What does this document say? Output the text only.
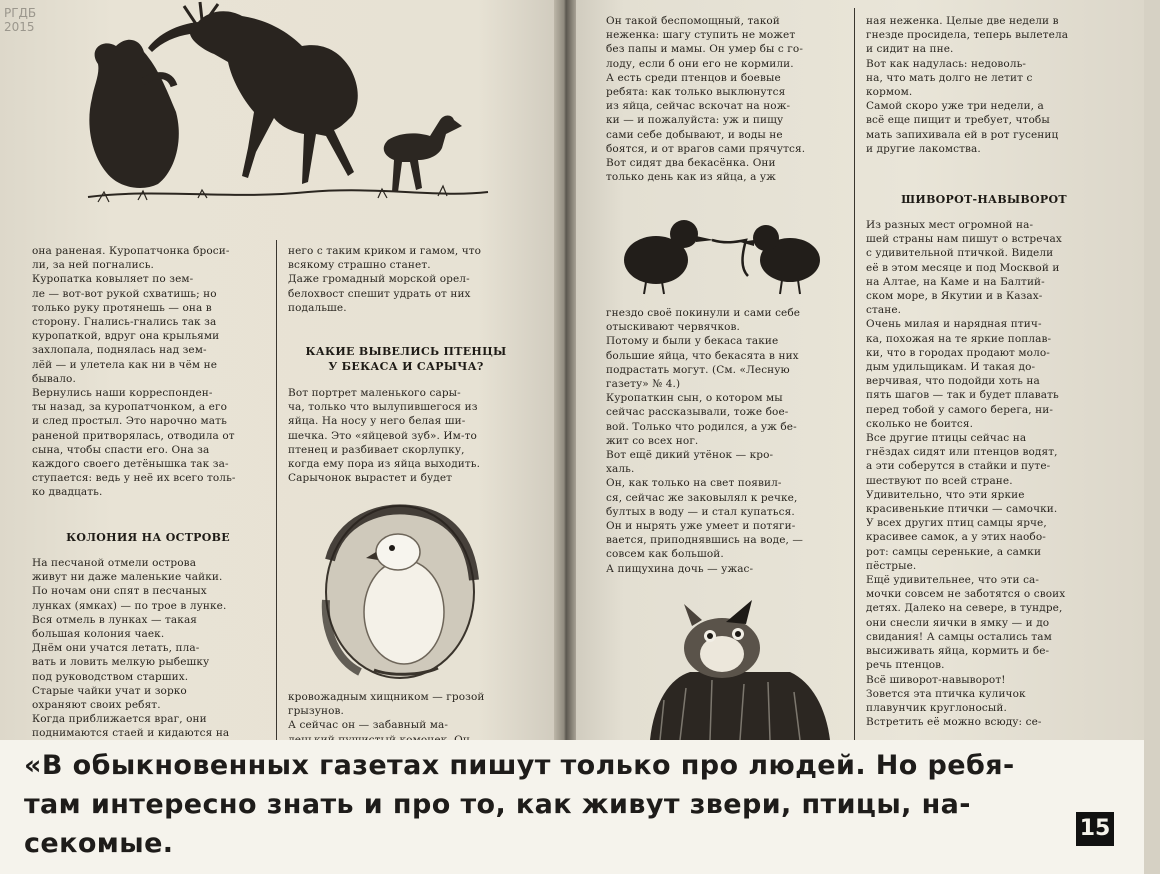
РГДБ
2015
она раненая. Куропатчонка броси-
ли, за ней погнались.
Куропатка ковыляет по зем-
ле — вот-вот рукой схватишь; но
только руку протянешь — она в
сторону. Гнались-гнались так за
куропаткой, вдруг она крыльями
захлопала, поднялась над зем-
лёй — и улетела как ни в чём не
бывало.
Вернулись наши корреспонден-
ты назад, за куропатчонком, а его
и след простыл. Это нарочно мать
раненой притворялась, отводила от
сына, чтобы спасти его. Она за
каждого своего детёнышка так за-
ступается: ведь у неё их всего толь-
ко двадцать.
КОЛОНИЯ НА ОСТРОВЕ
На песчаной отмели острова
живут ни даже маленькие чайки.
По ночам они спят в песчаных
лунках (ямках) — по трое в лунке.
Вся отмель в лунках — такая
большая колония чаек.
Днём они учатся летать, пла-
вать и ловить мелкую рыбешку
под руководством старших.
Старые чайки учат и зорко
охраняют своих ребят.
Когда приближается враг, они
поднимаются стаей и кидаются на
него с таким криком и гамом, что
всякому страшно станет.
Даже громадный морской орел-
белохвост спешит удрать от них
подальше.
КАКИЕ ВЫВЕЛИСЬ ПТЕНЦЫ
У БЕКАСА И САРЫЧА?
Вот портрет маленького сары-
ча, только что вылупившегося из
яйца. На носу у него белая ши-
шечка. Это «яйцевой зуб». Им-то
птенец и разбивает скорлупку,
когда ему пора из яйца выходить.
Сарычонок вырастет и будет
кровожадным хищником — грозой
грызунов.
А сейчас он — забавный ма-

Он такой беспомощный, такой
неженка: шагу ступить не может
без папы и мамы. Он умер бы с го-
лоду, если б они его не кормили.
А есть среди птенцов и боевые
ребята: как только выклюнутся
из яйца, сейчас вскочат на нож-
ки — и пожалуйста: уж и пищу
сами себе добывают, и воды не
боятся, и от врагов сами прячутся.
Вот сидят два бекасёнка. Они
только день как из яйца, а уж
гнездо своё покинули и сами себе
отыскивают червячков.
Потому и были у бекаса такие
большие яйца, что бекасята в них
подрастать могут. (См. «Лесную
газету» № 4.)
Куропаткин сын, о котором мы
сейчас рассказывали, тоже бое-
вой. Только что родился, а уж бе-
жит со всех ног.
Вот ещё дикий утёнок — кро-
халь.
Он, как только на свет появил-
ся, сейчас же заковылял к речке,
бултых в воду — и стал купаться.
Он и нырять уже умеет и потяги-
вается, приподнявшись на воде, —
совсем как большой.
А пищухина дочь — ужас-
ная неженка. Целые две недели в
гнезде просидела, теперь вылетела
и сидит на пне.
Вот как надулась: недоволь-
на, что мать долго не летит с
кормом.
Самой скоро уже три недели, а
всё еще пищит и требует, чтобы
мать запихивала ей в рот гусениц
и другие лакомства.
ШИВОРОТ-НАВЫВОРОТ
Из разных мест огромной на-
шей страны нам пишут о встречах
с удивительной птичкой. Видели
её в этом месяце и под Москвой и
на Алтае, на Каме и на Балтий-
ском море, в Якутии и в Казах-
стане.
Очень милая и нарядная птич-
ка, похожая на те яркие поплав-
ки, что в городах продают моло-
дым удильщикам. И такая до-
верчивая, что подойди хоть на
пять шагов — так и будет плавать
перед тобой у самого берега, ни-
сколько не боится.
Все другие птицы сейчас на
гнёздах сидят или птенцов водят,
а эти соберутся в стайки и путе-
шествуют по всей стране.
Удивительно, что эти яркие
красивенькие птички — самочки.
У всех других птиц самцы ярче,
красивее самок, а у этих наобо-
рот: самцы серенькие, а самки
пёстрые.
Ещё удивительнее, что эти са-
мочки совсем не заботятся о своих
детях. Далеко на севере, в тундре,
они снесли яички в ямку — и до
свидания! А самцы остались там
высиживать яйца, кормить и бе-
речь птенцов.
Всё шиворот-навыворот!
Зовется эта птичка куличок
плавунчик круглоносый.
Встретить её можно всюду: се-
«В обыкновенных газетах пишут только про людей. Но ребя-
там интересно знать и про то, как живут звери, птицы, на-
секомые.	15
